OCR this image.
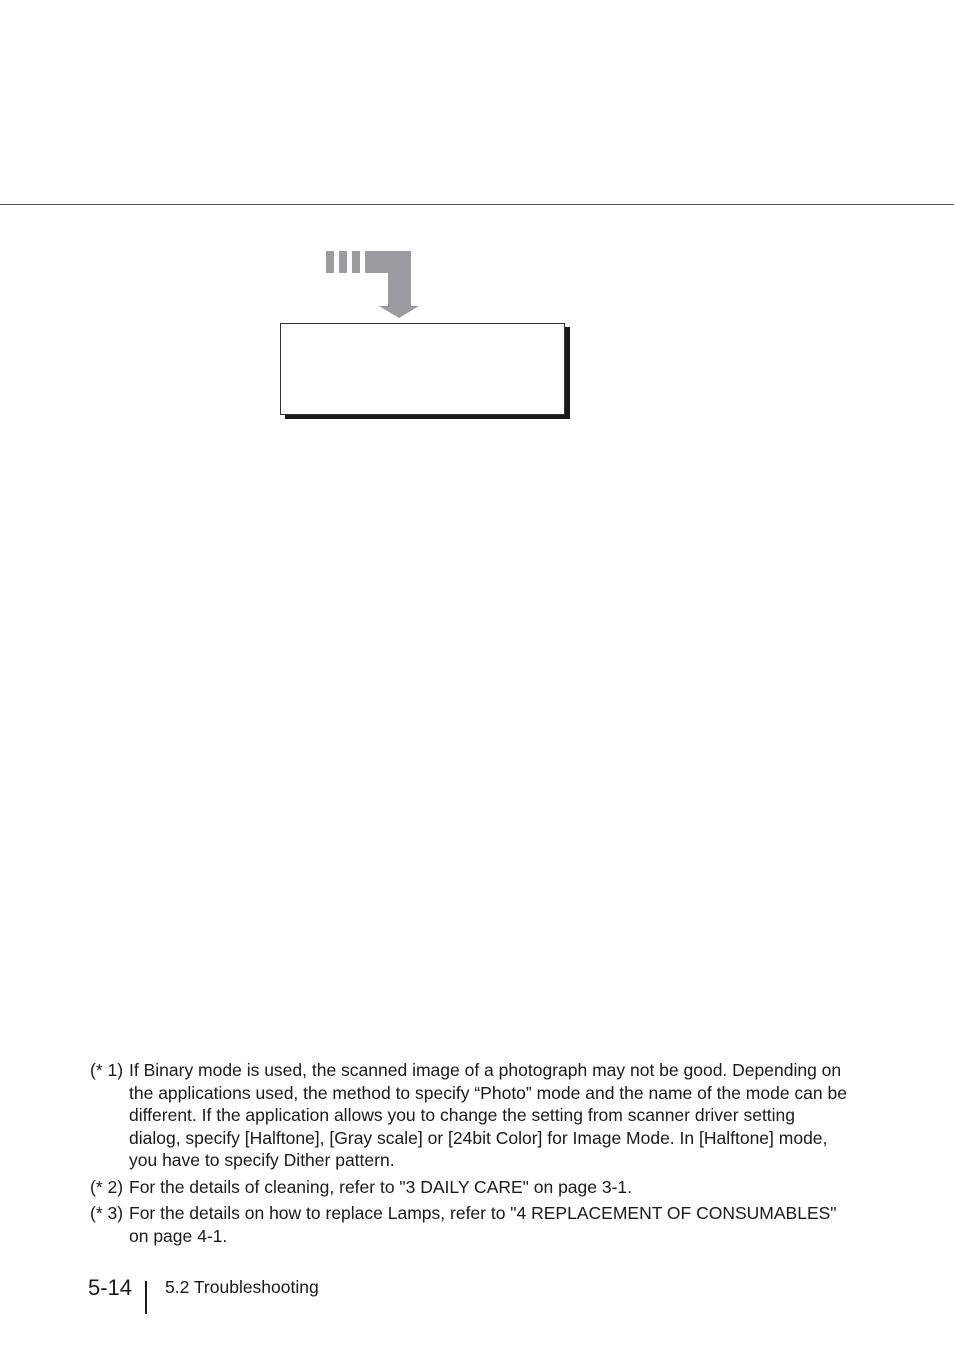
(* 1) If Binary mode is used, the scanned image of a photograph may not be good. Depending on the applications used, the method to specify “Photo” mode and the name of the mode can be different. If the application allows you to change the setting from scanner driver setting dialog, specify [Halftone], [Gray scale] or [24bit Color] for Image Mode. In [Halftone] mode, you have to specify Dither pattern.
(* 2) For the details of cleaning, refer to "3 DAILY CARE" on page 3-1.
(* 3) For the details on how to replace Lamps, refer to "4 REPLACEMENT OF CONSUMABLES" on page 4-1.
5-14 5.2 Troubleshooting
